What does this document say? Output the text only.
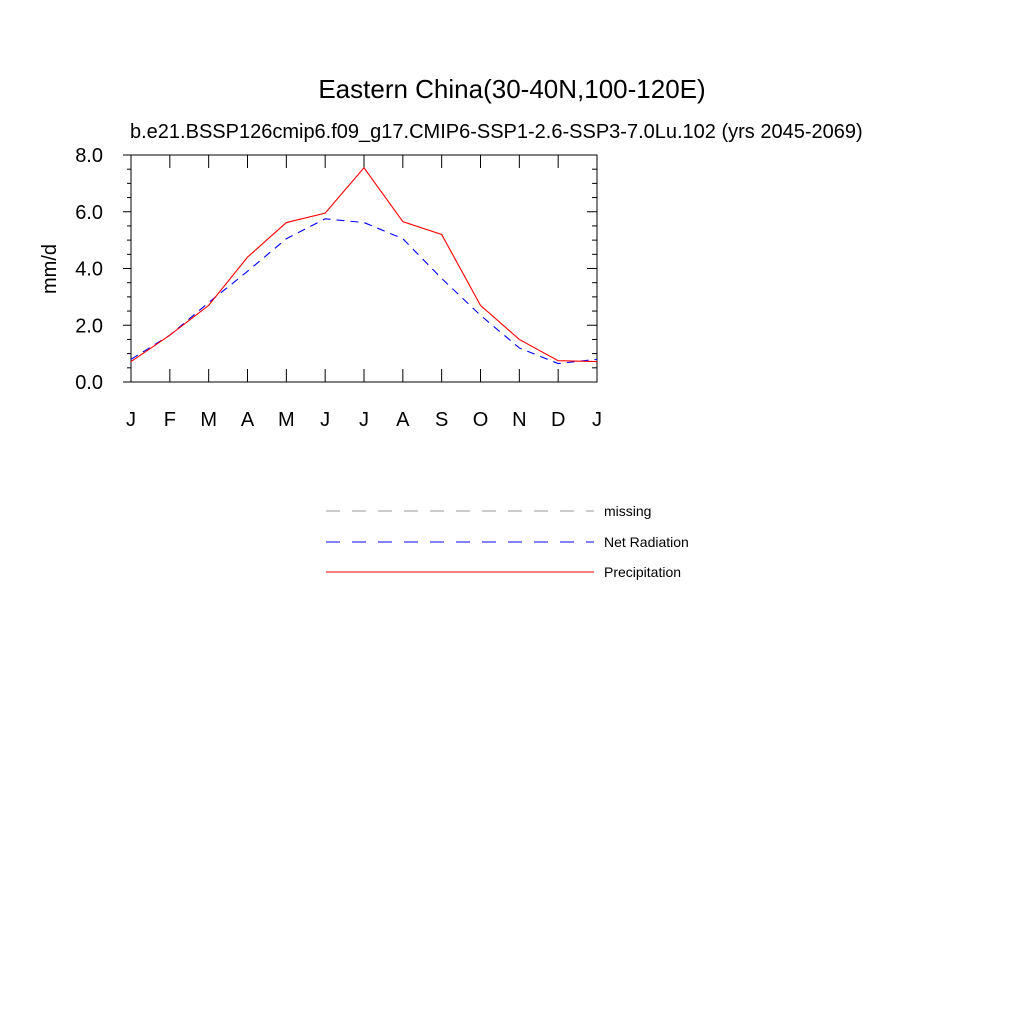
Eastern China(30-40N,100-120E)
b.e21.BSSP126cmip6.f09_g17.CMIP6-SSP1-2.6-SSP3-7.0Lu.102 (yrs 2045-2069)
mm/d
J F M A M J J A S O N D J
0.0
2.0
4.0
6.0
8.0
missing
Net Radiation
Precipitation
